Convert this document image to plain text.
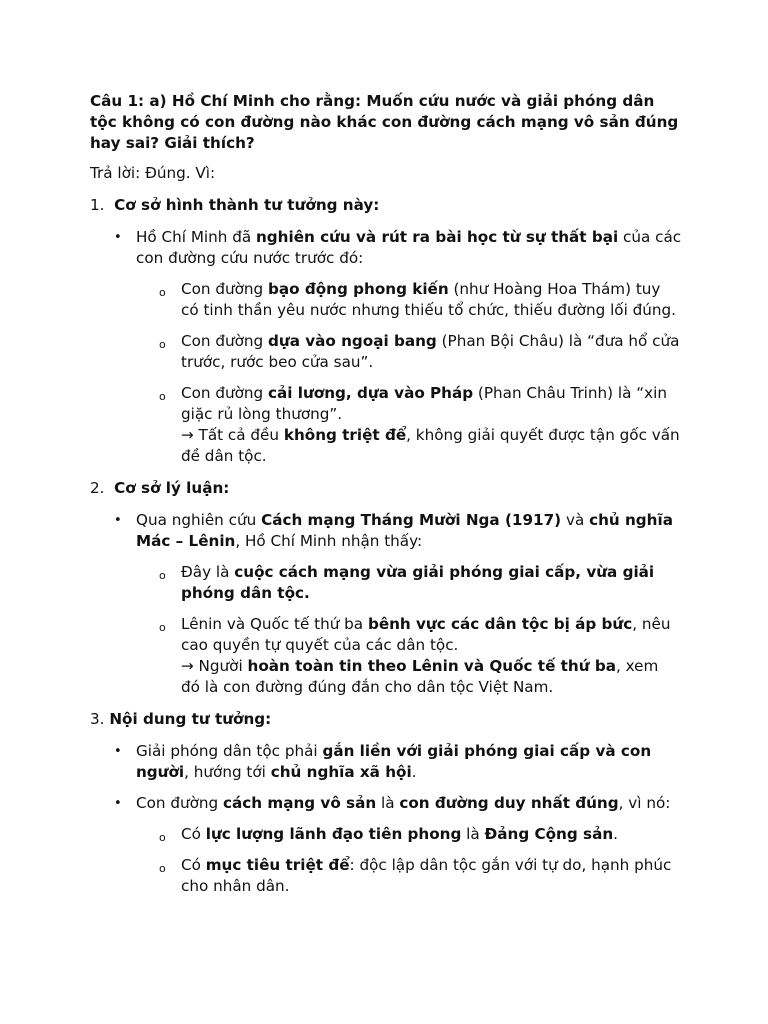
Câu 1: a) Hồ Chí Minh cho rằng: Muốn cứu nước và giải phóng dân
tộc không có con đường nào khác con đường cách mạng vô sản đúng
hay sai? Giải thích?
Trả lời: Đúng. Vì:
1. Cơ sở hình thành tư tưởng này:
• Hồ Chí Minh đã nghiên cứu và rút ra bài học từ sự thất bại của các
con đường cứu nước trước đó:
o Con đường bạo động phong kiến (như Hoàng Hoa Thám) tuy
có tinh thần yêu nước nhưng thiếu tổ chức, thiếu đường lối đúng.
o Con đường dựa vào ngoại bang (Phan Bội Châu) là “đưa hổ cửa
trước, rước beo cửa sau”.
o Con đường cải lương, dựa vào Pháp (Phan Châu Trinh) là “xin
giặc rủ lòng thương”.
→ Tất cả đều không triệt để, không giải quyết được tận gốc vấn
đề dân tộc.
2. Cơ sở lý luận:
• Qua nghiên cứu Cách mạng Tháng Mười Nga (1917) và chủ nghĩa
Mác – Lênin, Hồ Chí Minh nhận thấy:
o Đây là cuộc cách mạng vừa giải phóng giai cấp, vừa giải
phóng dân tộc.
o Lênin và Quốc tế thứ ba bênh vực các dân tộc bị áp bức, nêu
cao quyền tự quyết của các dân tộc.
→ Người hoàn toàn tin theo Lênin và Quốc tế thứ ba, xem
đó là con đường đúng đắn cho dân tộc Việt Nam.
3. Nội dung tư tưởng:
• Giải phóng dân tộc phải gắn liền với giải phóng giai cấp và con
người, hướng tới chủ nghĩa xã hội.
• Con đường cách mạng vô sản là con đường duy nhất đúng, vì nó:
o Có lực lượng lãnh đạo tiên phong là Đảng Cộng sản.
o Có mục tiêu triệt để: độc lập dân tộc gắn với tự do, hạnh phúc
cho nhân dân.
